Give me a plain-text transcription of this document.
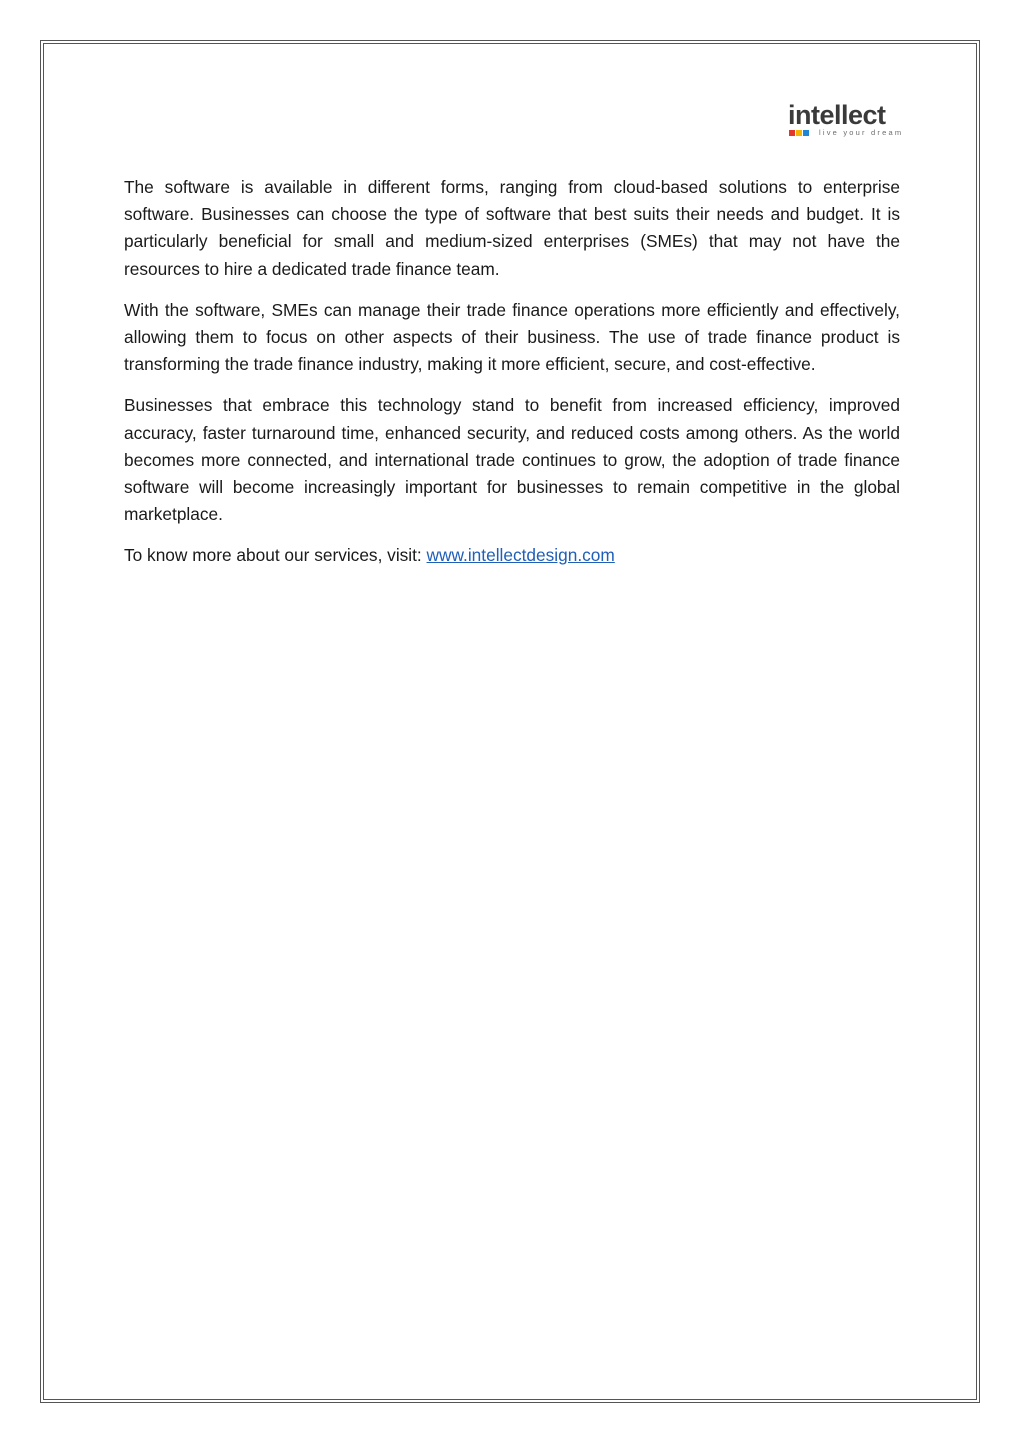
intellect
live your dream

The software is available in different forms, ranging from cloud-based solutions to enterprise software. Businesses can choose the type of software that best suits their needs and budget. It is particularly beneficial for small and medium-sized enterprises (SMEs) that may not have the resources to hire a dedicated trade finance team.

With the software, SMEs can manage their trade finance operations more efficiently and effectively, allowing them to focus on other aspects of their business. The use of trade finance product is transforming the trade finance industry, making it more efficient, secure, and cost-effective.

Businesses that embrace this technology stand to benefit from increased efficiency, improved accuracy, faster turnaround time, enhanced security, and reduced costs among others. As the world becomes more connected, and international trade continues to grow, the adoption of trade finance software will become increasingly important for businesses to remain competitive in the global marketplace.

To know more about our services, visit: www.intellectdesign.com
